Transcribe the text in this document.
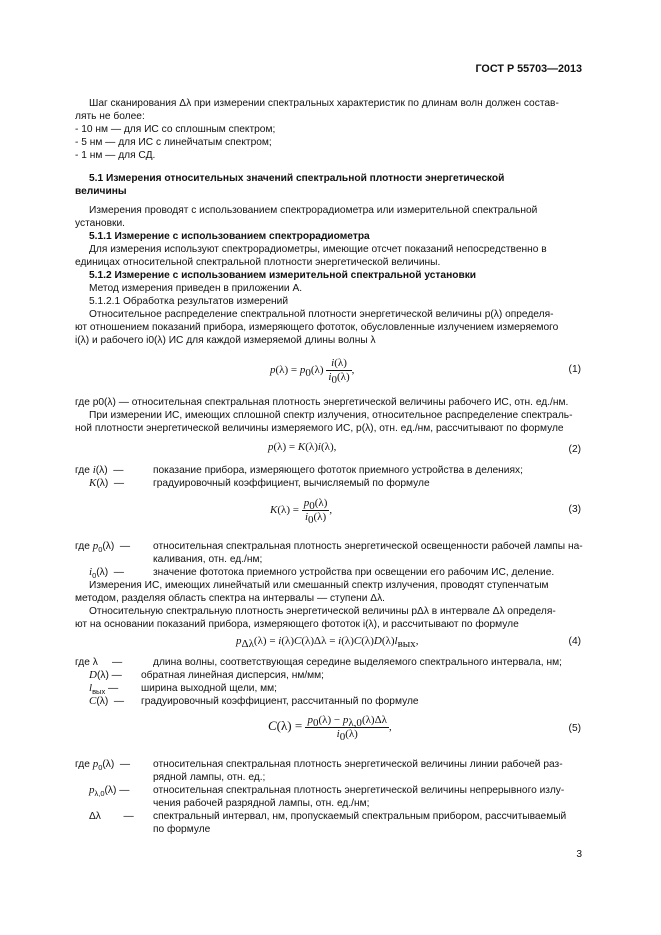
ГОСТ Р 55703—2013
Шаг сканирования Δλ при измерении спектральных характеристик по длинам волн должен состав-
лять не более:
- 10 нм — для ИС со сплошным спектром;
- 5 нм — для ИС с линейчатым спектром;
- 1 нм — для СД.
5.1 Измерения относительных значений спектральной плотности энергетической
величины
Измерения проводят с использованием спектрорадиометра или измерительной спектральной
установки.
5.1.1 Измерение с использованием спектрорадиометра
Для измерения используют спектрорадиометры, имеющие отсчет показаний непосредственно в
единицах относительной спектральной плотности энергетической величины.
5.1.2 Измерение с использованием измерительной спектральной установки
Метод измерения приведен в приложении А.
5.1.2.1 Обработка результатов измерений
Относительное распределение спектральной плотности энергетической величины p(λ) определя-
ют отношением показаний прибора, измеряющего фототок, обусловленные излучением измеряемого
i(λ) и рабочего i0(λ) ИС для каждой измеряемой длины волны λ
$p(\lambda) = p_0(\lambda) \frac{i(\lambda)}{i_0(\lambda)}$ ,	(1)
где p0(λ) — относительная спектральная плотность энергетической величины рабочего ИС, отн. ед./нм.
При измерении ИС, имеющих сплошной спектр излучения, относительное распределение спектраль-
ной плотности энергетической величины измеряемого ИС, p(λ), отн. ед./нм, рассчитывают по формуле
p(λ) = K(λ)i(λ),	(2)
где i(λ)  —	показание прибора, измеряющего фототок приемного устройства в делениях;
K(λ)  —	градуировочный коэффициент, вычисляемый по формуле
$K(\lambda) = \frac{p_0(\lambda)}{i_0(\lambda)}$ ,	(3)
где $p_0(\lambda)$  — относительная спектральная плотность энергетической освещенности рабочей лампы на-
каливания, отн. ед./нм;
$i_0(\lambda)$  —	значение фототока приемного устройства при освещении его рабочим ИС, деление.
Измерения ИС, имеющих линейчатый или смешанный спектр излучения, проводят ступенчатым
методом, разделяя область спектра на интервалы — ступени Δλ.
Относительную спектральную плотность энергетической величины pΔλ в интервале Δλ определя-
ют на основании показаний прибора, измеряющего фототок i(λ), и рассчитывают по формуле
$p_{\Delta\lambda}(\lambda) = i(\lambda)C(\lambda)\Delta\lambda = i(\lambda)C(\lambda)D(\lambda)l_{вых}$,	(4)
где λ     —	длина волны, соответствующая середине выделяемого спектрального интервала, нм;
D(λ) — обратная линейная дисперсия, нм/мм;
$l_{вых}$ — ширина выходной щели, мм;
C(λ)  — градуировочный коэффициент, рассчитанный по формуле
$C(\lambda) = \frac{p_0(\lambda) - p_{\lambda,0}(\lambda)\Delta\lambda}{i_0(\lambda)}$ ,	(5)
где $p_0(\lambda)$  — относительная спектральная плотность энергетической величины линии рабочей раз-
рядной лампы, отн. ед.;
$p_{\lambda,0}(\lambda)$ — относительная спектральная плотность энергетической величины непрерывного излу-
чения рабочей разрядной лампы, отн. ед./нм;
Δλ        — спектральный интервал, нм, пропускаемый спектральным прибором, рассчитываемый
по формуле
3
